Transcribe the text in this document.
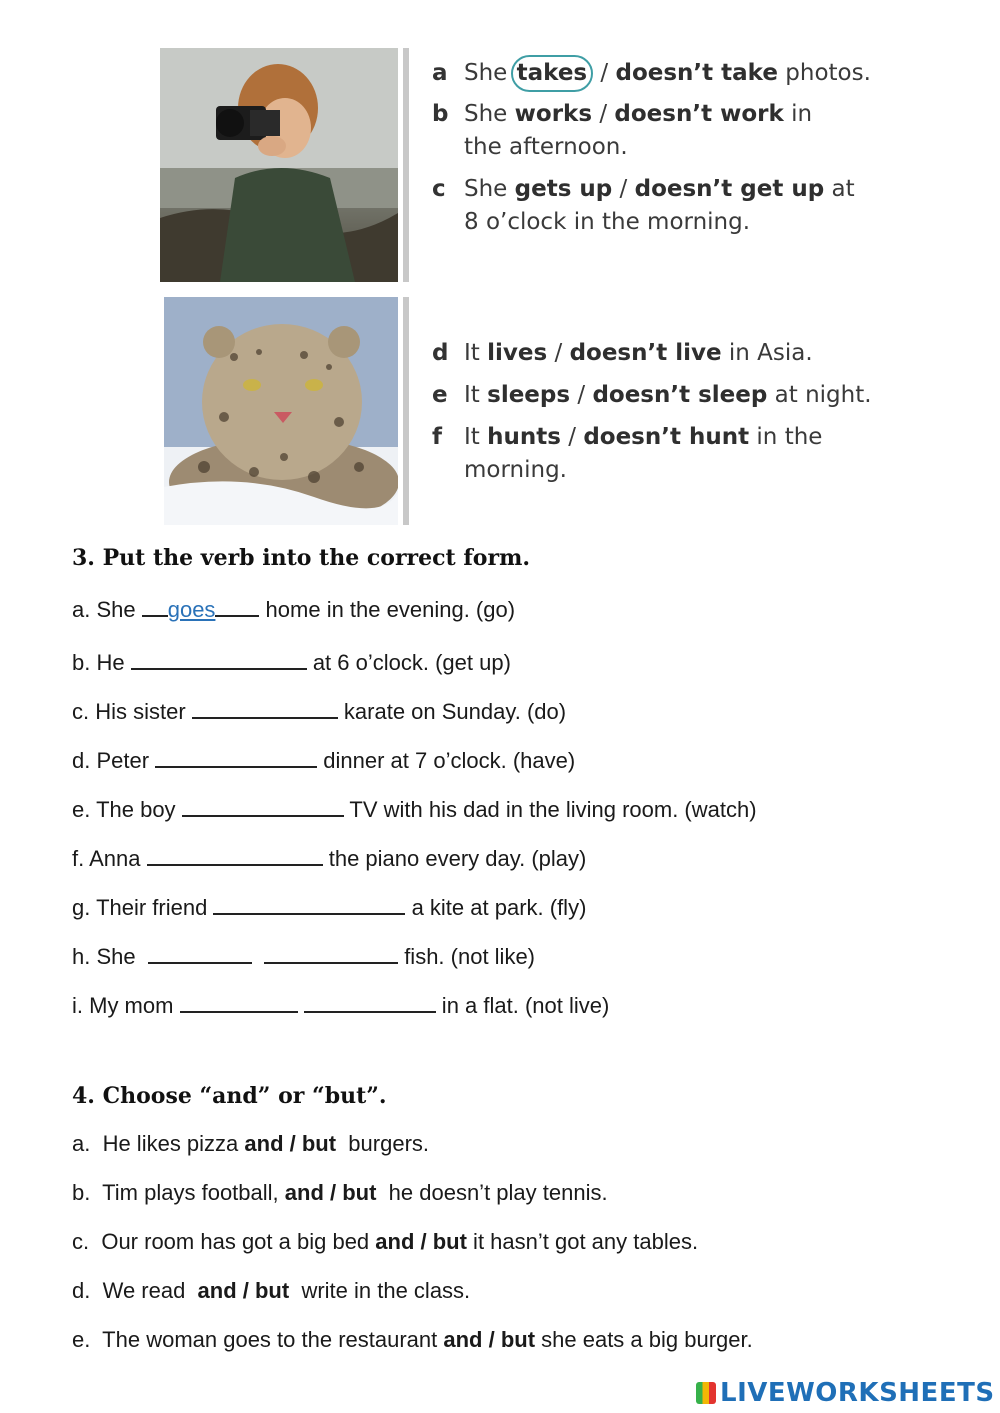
a She takes / doesn’t take photos.
b She works / doesn’t work in
the afternoon.
c She gets up / doesn’t get up at
8 o’clock in the morning.
d It lives / doesn’t live in Asia.
e It sleeps / doesn’t sleep at night.
f It hunts / doesn’t hunt in the
morning.
3. Put the verb into the correct form.
a. She goes home in the evening. (go)
b. He	at 6 o’clock. (get up)
c. His sister	karate on Sunday. (do)
d. Peter	dinner at 7 o’clock. (have)
e. The boy	TV with his dad in the living room. (watch)
f. Anna	the piano every day. (play)
g. Their friend	a kite at park. (fly)
h. She	fish. (not like)
i. My mom	in a flat. (not live)
4. Choose “and” or “but”.
a.  He likes pizza and / but  burgers.
b.  Tim plays football, and / but  he doesn’t play tennis.
c.  Our room has got a big bed and / but it hasn’t got any tables.
d.  We read  and / but  write in the class.
e.  The woman goes to the restaurant and / but she eats a big burger.
LIVEWORKSHEETS
